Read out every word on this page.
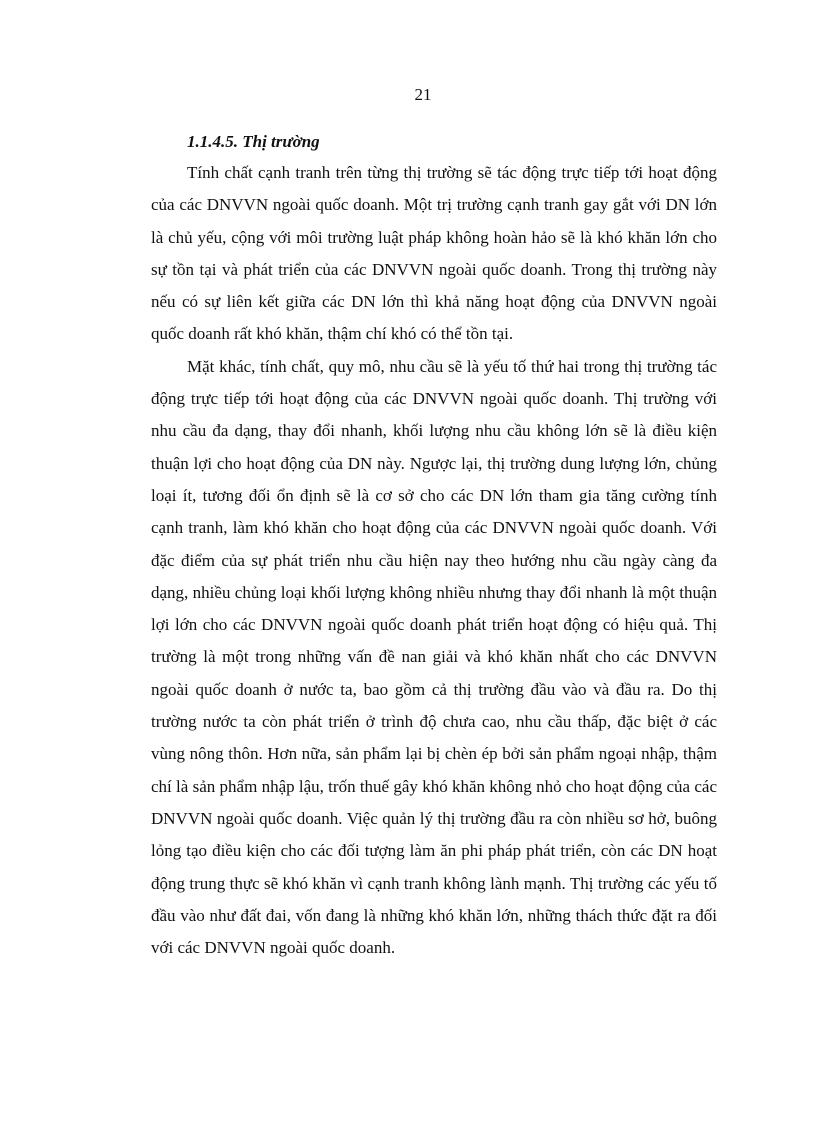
21

1.1.4.5. Thị trường

Tính chất cạnh tranh trên từng thị trường sẽ tác động trực tiếp tới hoạt động của các DNVVN ngoài quốc doanh. Một trị trường cạnh tranh gay gắt với DN lớn là chủ yếu, cộng với môi trường luật pháp không hoàn hảo sẽ là khó khăn lớn cho sự tồn tại và phát triển của các DNVVN ngoài quốc doanh. Trong thị trường này nếu có sự liên kết giữa các DN lớn thì khả năng hoạt động của DNVVN ngoài quốc doanh rất khó khăn, thậm chí khó có thể tồn tại.

Mặt khác, tính chất, quy mô, nhu cầu sẽ là yếu tố thứ hai trong thị trường tác động trực tiếp tới hoạt động của các DNVVN ngoài quốc doanh. Thị trường với nhu cầu đa dạng, thay đổi nhanh, khối lượng nhu cầu không lớn sẽ là điều kiện thuận lợi cho hoạt động của DN này. Ngược lại, thị trường dung lượng lớn, chủng loại ít, tương đối ổn định sẽ là cơ sở cho các DN lớn tham gia tăng cường tính cạnh tranh, làm khó khăn cho hoạt động của các DNVVN ngoài quốc doanh. Với đặc điểm của sự phát triển nhu cầu hiện nay theo hướng nhu cầu ngày càng đa dạng, nhiều chủng loại khối lượng không nhiều nhưng thay đổi nhanh là một thuận lợi lớn cho các DNVVN ngoài quốc doanh phát triển hoạt động có hiệu quả. Thị trường là một trong những vấn đề nan giải và khó khăn nhất cho các DNVVN ngoài quốc doanh ở nước ta, bao gồm cả thị trường đầu vào và đầu ra. Do thị trường nước ta còn phát triển ở trình độ chưa cao, nhu cầu thấp, đặc biệt ở các vùng nông thôn. Hơn nữa, sản phẩm lại bị chèn ép bởi sản phẩm ngoại nhập, thậm chí là sản phẩm nhập lậu, trốn thuế gây khó khăn không nhỏ cho hoạt động của các DNVVN ngoài quốc doanh. Việc quản lý thị trường đầu ra còn nhiều sơ hở, buông lỏng tạo điều kiện cho các đối tượng làm ăn phi pháp phát triển, còn các DN hoạt động trung thực sẽ khó khăn vì cạnh tranh không lành mạnh. Thị trường các yếu tố đầu vào như đất đai, vốn đang là những khó khăn lớn, những thách thức đặt ra đối với các DNVVN ngoài quốc doanh.
